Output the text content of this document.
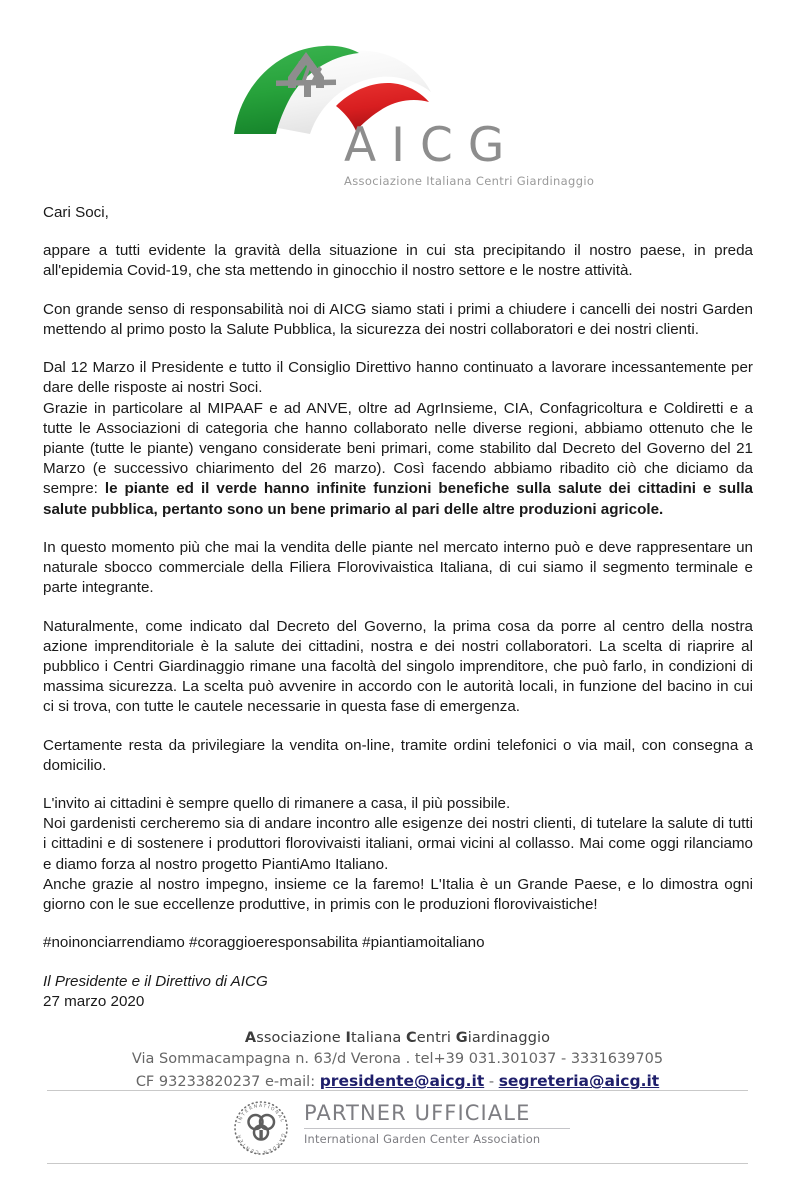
AICG
Associazione Italiana Centri Giardinaggio

Cari Soci,

appare a tutti evidente la gravità della situazione in cui sta precipitando il nostro paese, in preda all'epidemia Covid-19, che sta mettendo in ginocchio il nostro settore e le nostre attività.

Con grande senso di responsabilità noi di AICG siamo stati i primi a chiudere i cancelli dei nostri Garden mettendo al primo posto la Salute Pubblica, la sicurezza dei nostri collaboratori e dei nostri clienti.

Dal 12 Marzo il Presidente e tutto il Consiglio Direttivo hanno continuato a lavorare incessantemente per dare delle risposte ai nostri Soci.

Grazie in particolare al MIPAAF e ad ANVE, oltre ad AgrInsieme, CIA, Confagricoltura e Coldiretti e a tutte le Associazioni di categoria che hanno collaborato nelle diverse regioni, abbiamo ottenuto che le piante (tutte le piante) vengano considerate beni primari, come stabilito dal Decreto del Governo del 21 Marzo (e successivo chiarimento del 26 marzo). Così facendo abbiamo ribadito ciò che diciamo da sempre: le piante ed il verde hanno infinite funzioni benefiche sulla salute dei cittadini e sulla salute pubblica, pertanto sono un bene primario al pari delle altre produzioni agricole.

In questo momento più che mai la vendita delle piante nel mercato interno può e deve rappresentare un naturale sbocco commerciale della Filiera Florovivaistica Italiana, di cui siamo il segmento terminale e parte integrante.

Naturalmente, come indicato dal Decreto del Governo, la prima cosa da porre al centro della nostra azione imprenditoriale è la salute dei cittadini, nostra e dei nostri collaboratori. La scelta di riaprire al pubblico i Centri Giardinaggio rimane una facoltà del singolo imprenditore, che può farlo, in condizioni di massima sicurezza. La scelta può avvenire in accordo con le autorità locali, in funzione del bacino in cui ci si trova, con tutte le cautele necessarie in questa fase di emergenza.

Certamente resta da privilegiare la vendita on-line, tramite ordini telefonici o via mail, con consegna a domicilio.

L'invito ai cittadini è sempre quello di rimanere a casa, il più possibile.

Noi gardenisti cercheremo sia di andare incontro alle esigenze dei nostri clienti, di tutelare la salute di tutti i cittadini e di sostenere i produttori florovivaisti italiani, ormai vicini al collasso. Mai come oggi rilanciamo e diamo forza al nostro progetto PiantiAmo Italiano.

Anche grazie al nostro impegno, insieme ce la faremo! L'Italia è un Grande Paese, e lo dimostra ogni giorno con le sue eccellenze produttive, in primis con le produzioni florovivaistiche!

#noinonciarrendiamo #coraggioeresponsabilita #piantiamoitaliano

Il Presidente e il Direttivo di AICG

27 marzo 2020

Associazione Italiana Centri Giardinaggio
Via Sommacampagna n. 63/d Verona . tel+39 031.301037 - 3331639705
CF 93233820237 e-mail: presidente@aicg.it - segreteria@aicg.it
INTERNATIONAL
GARDEN CENTER
PARTNER UFFICIALE
International Garden Center Association
